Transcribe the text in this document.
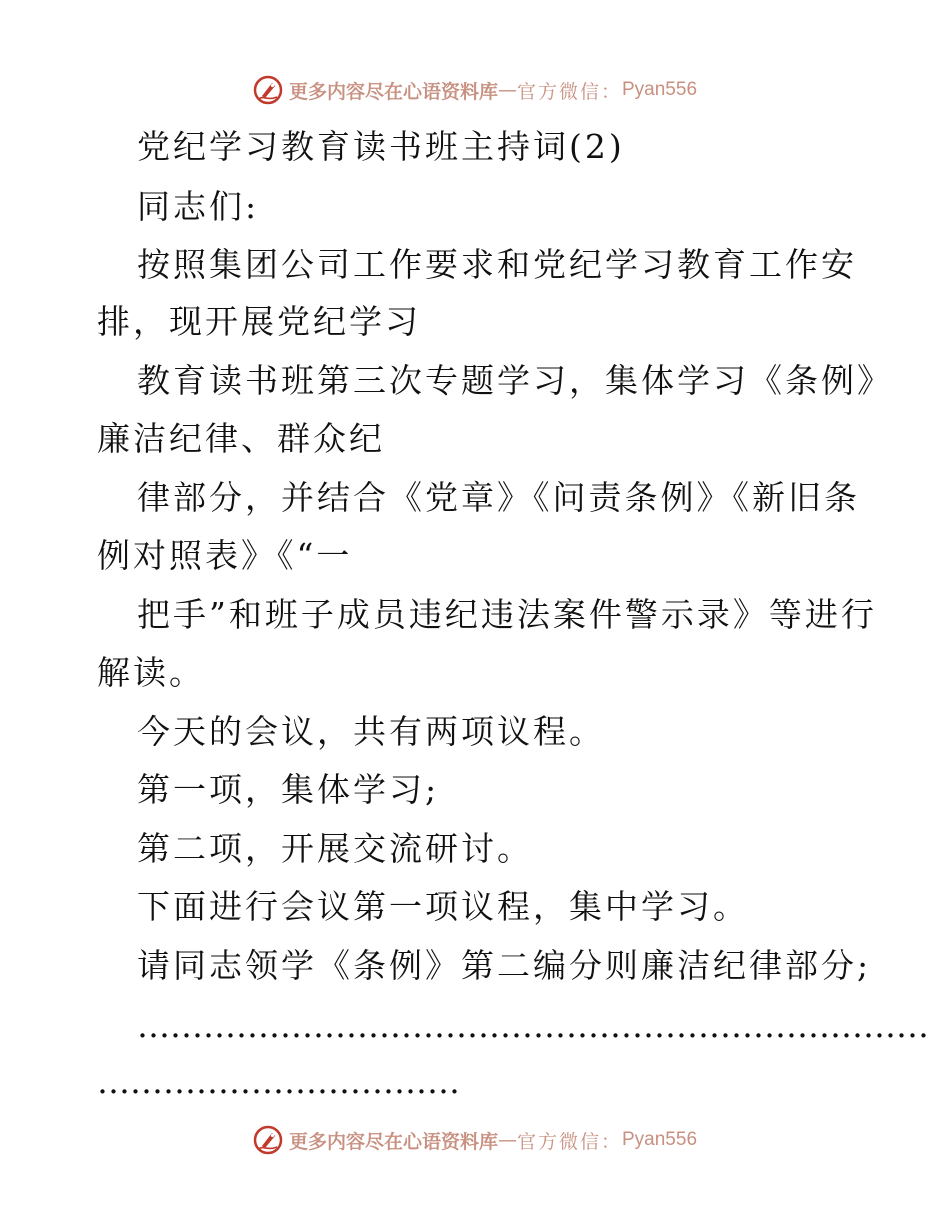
更多内容尽在心语资料库 — 官方微信： Pyan556
党纪学习教育读书班主持词(2)
同志们:
按照集团公司工作要求和党纪学习教育工作安
排，现开展党纪学习
教育读书班第三次专题学习，集体学习《条例》
廉洁纪律、群众纪
律部分，并结合《党章》《问责条例》《新旧条
例对照表》《“一
把手”和班子成员违纪违法案件警示录》等进行
解读。
今天的会议，共有两项议程。
第一项，集体学习;
第二项，开展交流研讨。
下面进行会议第一项议程，集中学习。
请同志领学《条例》第二编分则廉洁纪律部分;
………………………………………………………………
……………………………
更多内容尽在心语资料库 — 官方微信： Pyan556
